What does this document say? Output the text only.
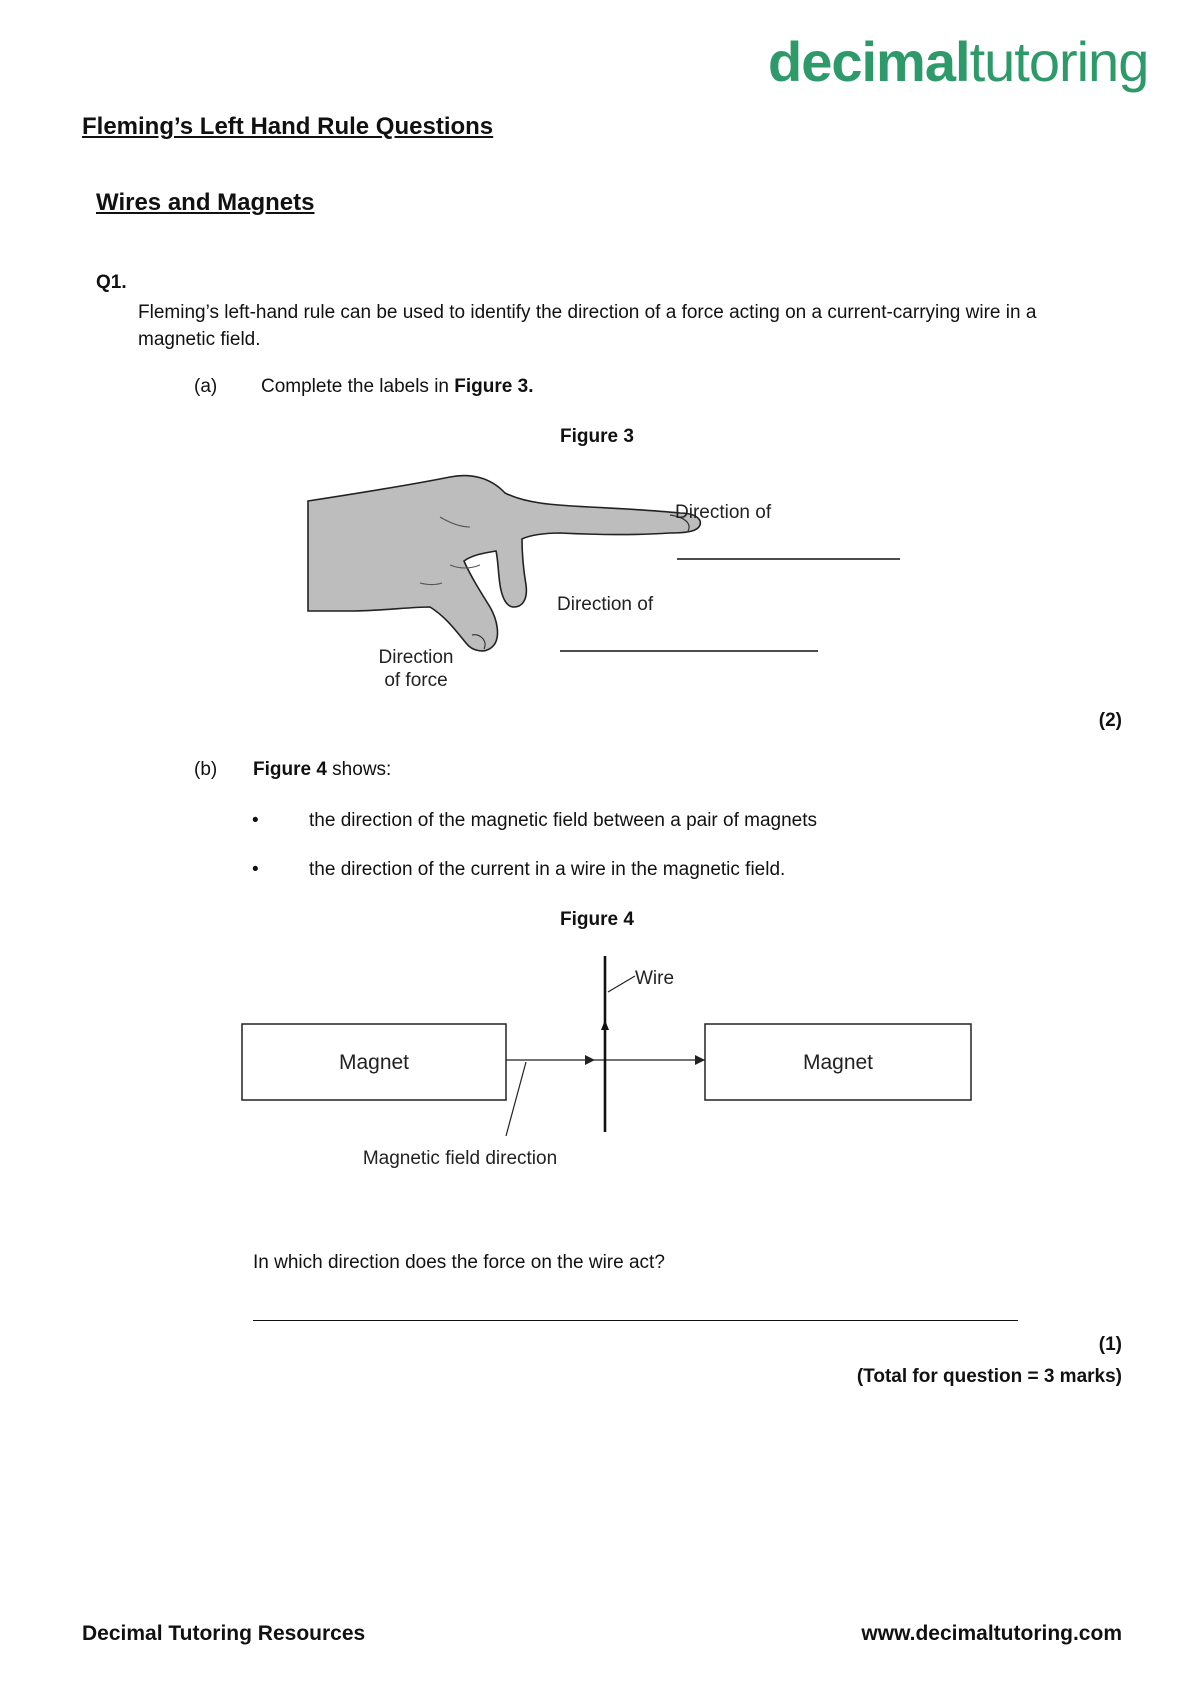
decimaltutoring
Fleming’s Left Hand Rule Questions
Wires and Magnets
Q1.
Fleming’s left-hand rule can be used to identify the direction of a force acting on a current-carrying wire in a magnetic field.
(a) Complete the labels in Figure 3.
Figure 3
Direction of
Direction of
Direction
of force
(2)
(b) Figure 4 shows:
•	the direction of the magnetic field between a pair of magnets
•	the direction of the current in a wire in the magnetic field.
Figure 4
Magnet	Magnet
Wire
Magnetic field direction
In which direction does the force on the wire act?
(1)
(Total for question = 3 marks)
Decimal Tutoring Resources	www.decimaltutoring.com
